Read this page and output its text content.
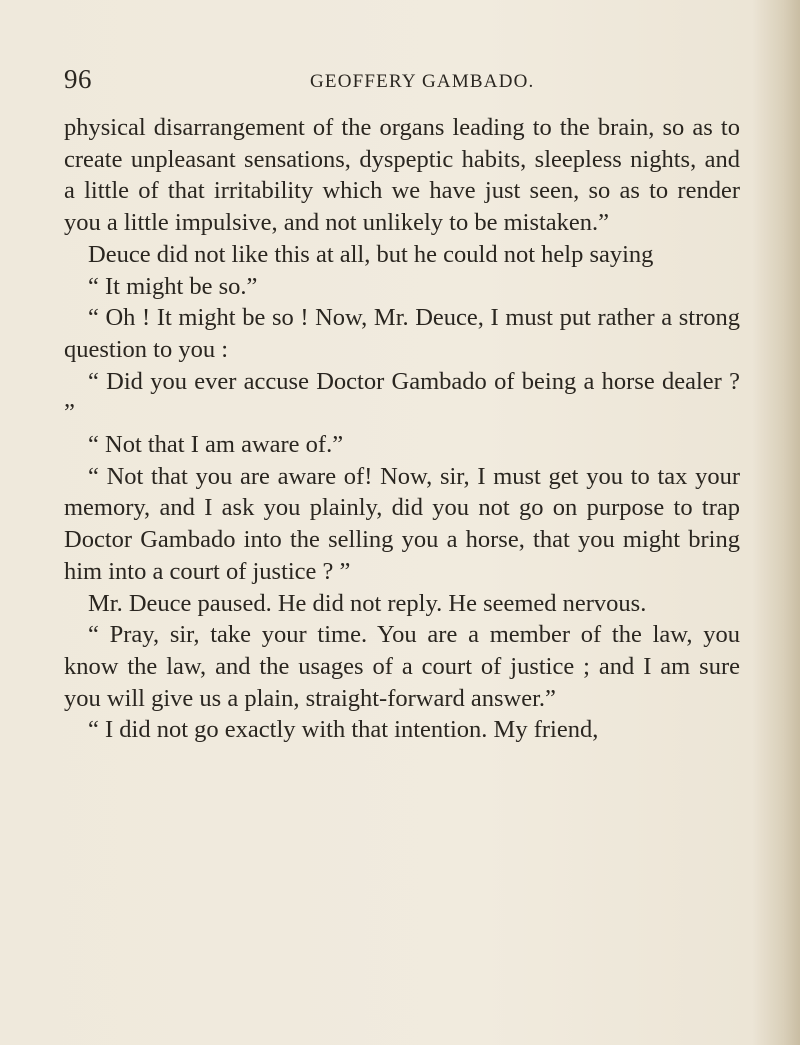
96	GEOFFERY GAMBADO.

physical disarrangement of the organs leading to the brain, so as to create unpleasant sensations, dyspeptic habits, sleepless nights, and a little of that irritability which we have just seen, so as to render you a little impulsive, and not unlikely to be mistaken.”

Deuce did not like this at all, but he could not help saying

“ It might be so.”

“ Oh ! It might be so ! Now, Mr. Deuce, I must put rather a strong question to you :

“ Did you ever accuse Doctor Gambado of being a horse dealer ? ”

“ Not that I am aware of.”

“ Not that you are aware of! Now, sir, I must get you to tax your memory, and I ask you plainly, did you not go on purpose to trap Doctor Gambado into the selling you a horse, that you might bring him into a court of justice ? ”

Mr. Deuce paused. He did not reply. He seemed nervous.

“ Pray, sir, take your time. You are a member of the law, you know the law, and the usages of a court of justice ; and I am sure you will give us a plain, straight-forward answer.”

“ I did not go exactly with that intention. My friend,
